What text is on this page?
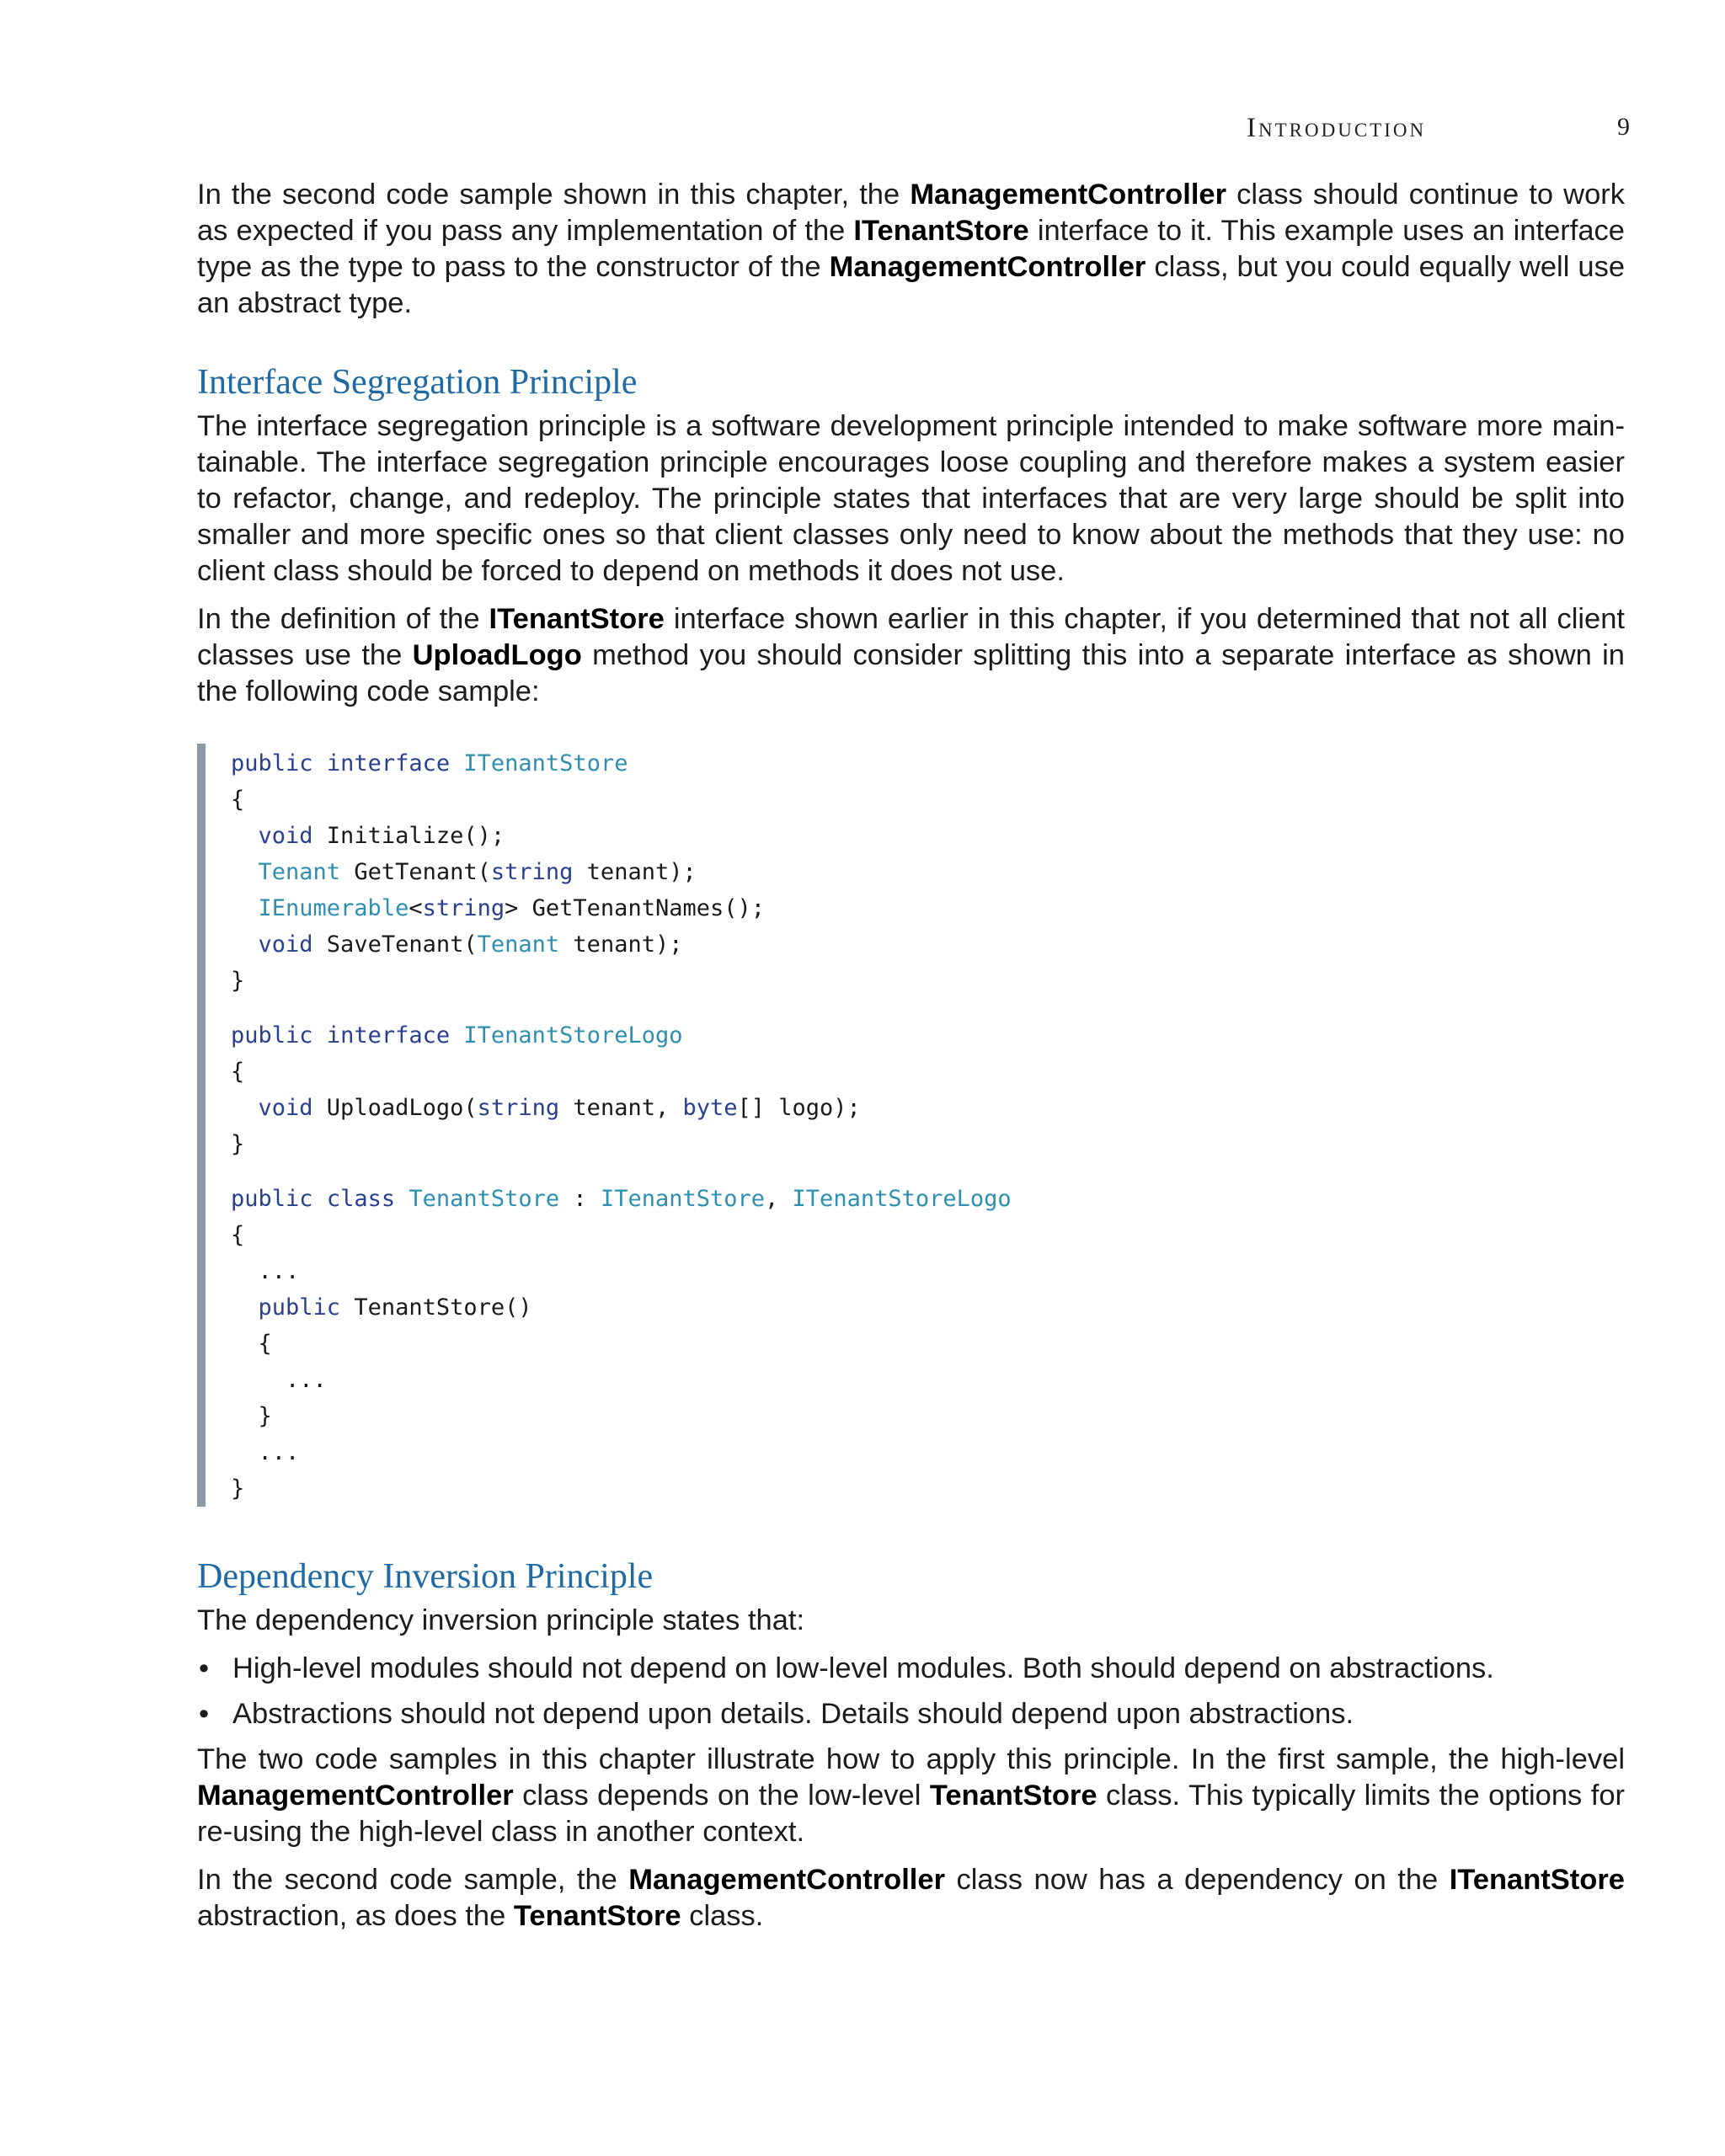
Introduction	9

In the second code sample shown in this chapter, the ManagementController class should continue to work as expected if you pass any implementation of the ITenantStore interface to it. This example uses an interface type as the type to pass to the constructor of the ManagementController class, but you could equally well use an abstract type.

Interface Segregation Principle

The interface segregation principle is a software development principle intended to make software more maintainable. The interface segregation principle encourages loose coupling and therefore makes a system easier to refactor, change, and redeploy. The principle states that interfaces that are very large should be split into smaller and more specific ones so that client classes only need to know about the methods that they use: no client class should be forced to depend on methods it does not use.

In the definition of the ITenantStore interface shown earlier in this chapter, if you determined that not all client classes use the UploadLogo method you should consider splitting this into a separate interface as shown in the following code sample:

public interface ITenantStore
{
void Initialize();
Tenant GetTenant(string tenant);
IEnumerable<string> GetTenantNames();
void SaveTenant(Tenant tenant);
}
public interface ITenantStoreLogo
{
void UploadLogo(string tenant, byte[] logo);
}
public class TenantStore : ITenantStore, ITenantStoreLogo
{
...
public TenantStore()
{
...
}
...
}
Dependency Inversion Principle

The dependency inversion principle states that:

• High-level modules should not depend on low-level modules. Both should depend on abstractions.
• Abstractions should not depend upon details. Details should depend upon abstractions.

The two code samples in this chapter illustrate how to apply this principle. In the first sample, the high-level ManagementController class depends on the low-level TenantStore class. This typically limits the options for re-using the high-level class in another context.

In the second code sample, the ManagementController class now has a dependency on the ITenantStore abstraction, as does the TenantStore class.
